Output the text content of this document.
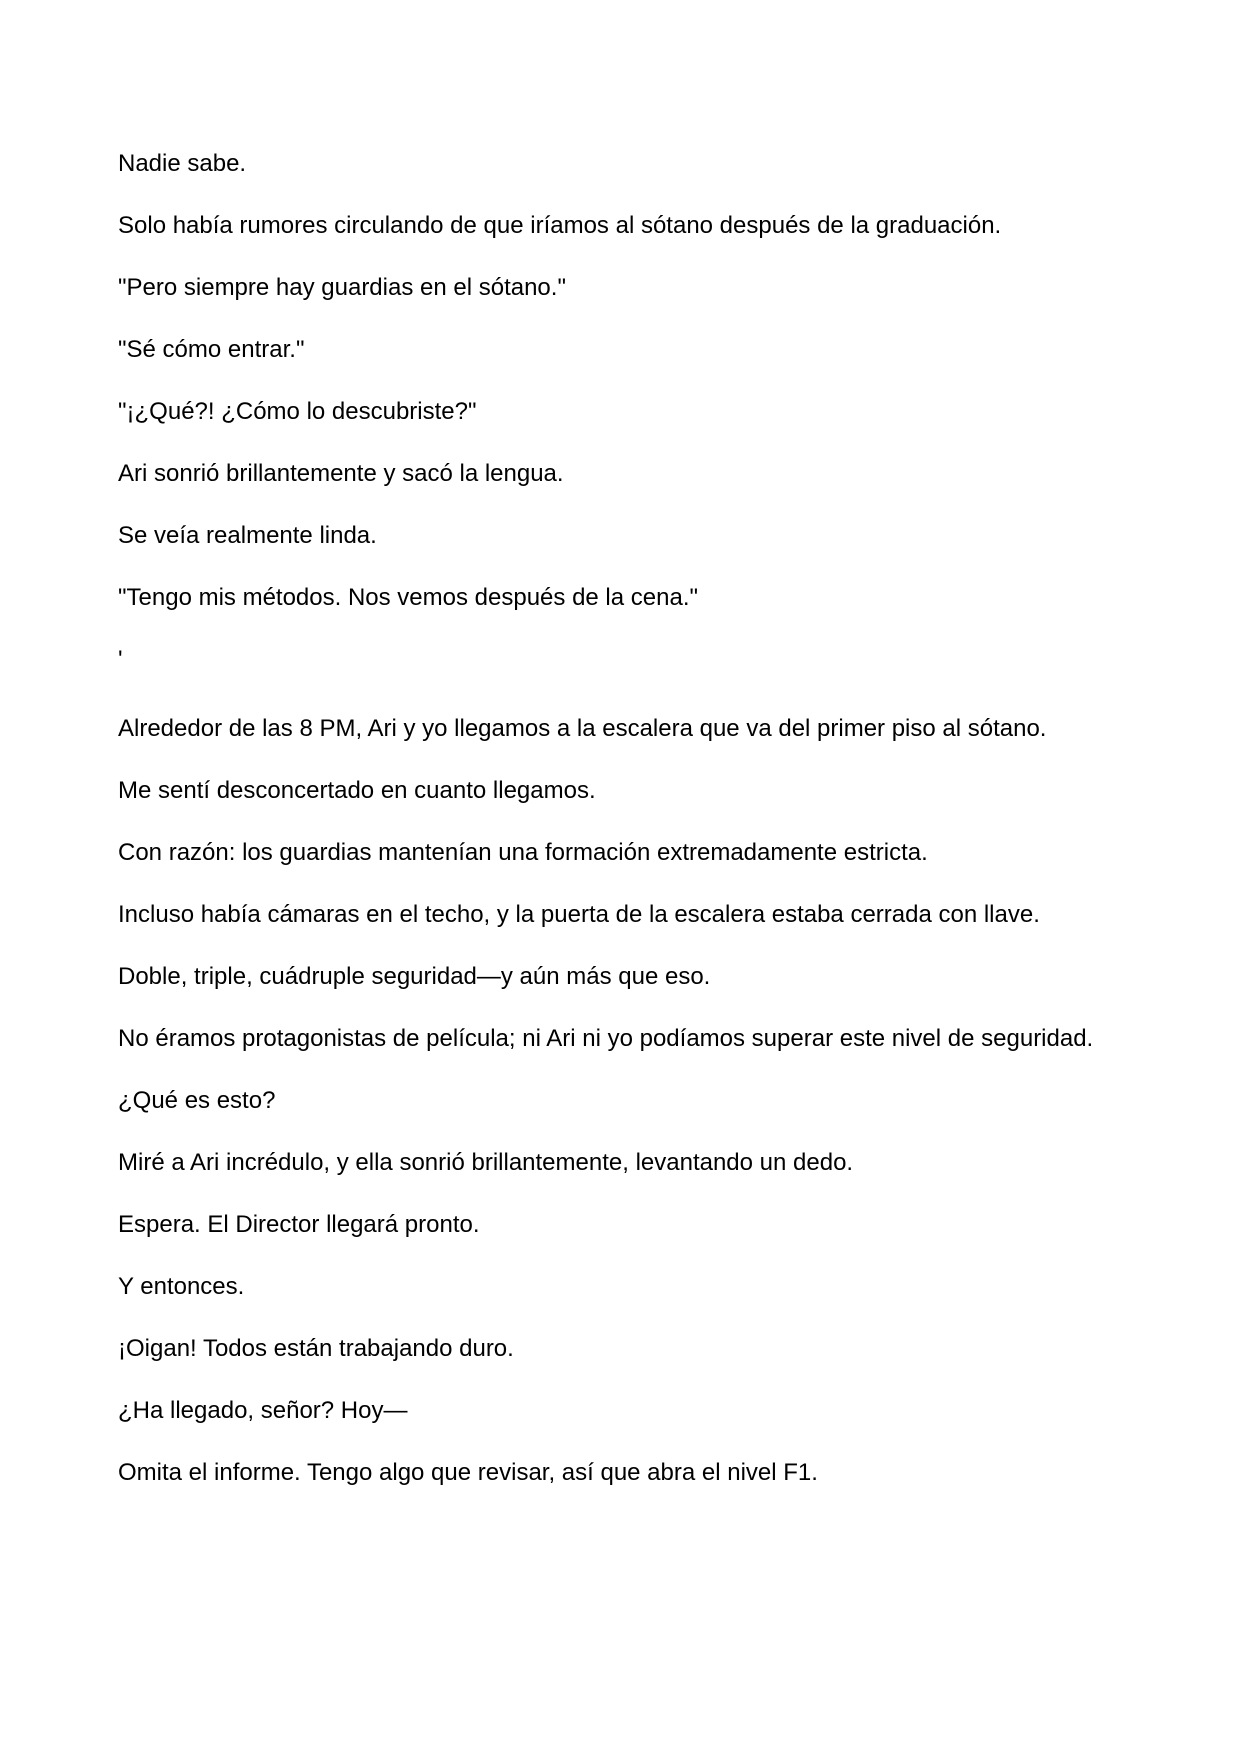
Nadie sabe.

Solo había rumores circulando de que iríamos al sótano después de la graduación.

"Pero siempre hay guardias en el sótano."

"Sé cómo entrar."

"¡¿Qué?! ¿Cómo lo descubriste?"

Ari sonrió brillantemente y sacó la lengua.

Se veía realmente linda.

"Tengo mis métodos. Nos vemos después de la cena."

'

Alrededor de las 8 PM, Ari y yo llegamos a la escalera que va del primer piso al sótano.

Me sentí desconcertado en cuanto llegamos.

Con razón: los guardias mantenían una formación extremadamente estricta.

Incluso había cámaras en el techo, y la puerta de la escalera estaba cerrada con llave.

Doble, triple, cuádruple seguridad—y aún más que eso.

No éramos protagonistas de película; ni Ari ni yo podíamos superar este nivel de seguridad.

¿Qué es esto?

Miré a Ari incrédulo, y ella sonrió brillantemente, levantando un dedo.

Espera. El Director llegará pronto.

Y entonces.

¡Oigan! Todos están trabajando duro.

¿Ha llegado, señor? Hoy—

Omita el informe. Tengo algo que revisar, así que abra el nivel F1.
